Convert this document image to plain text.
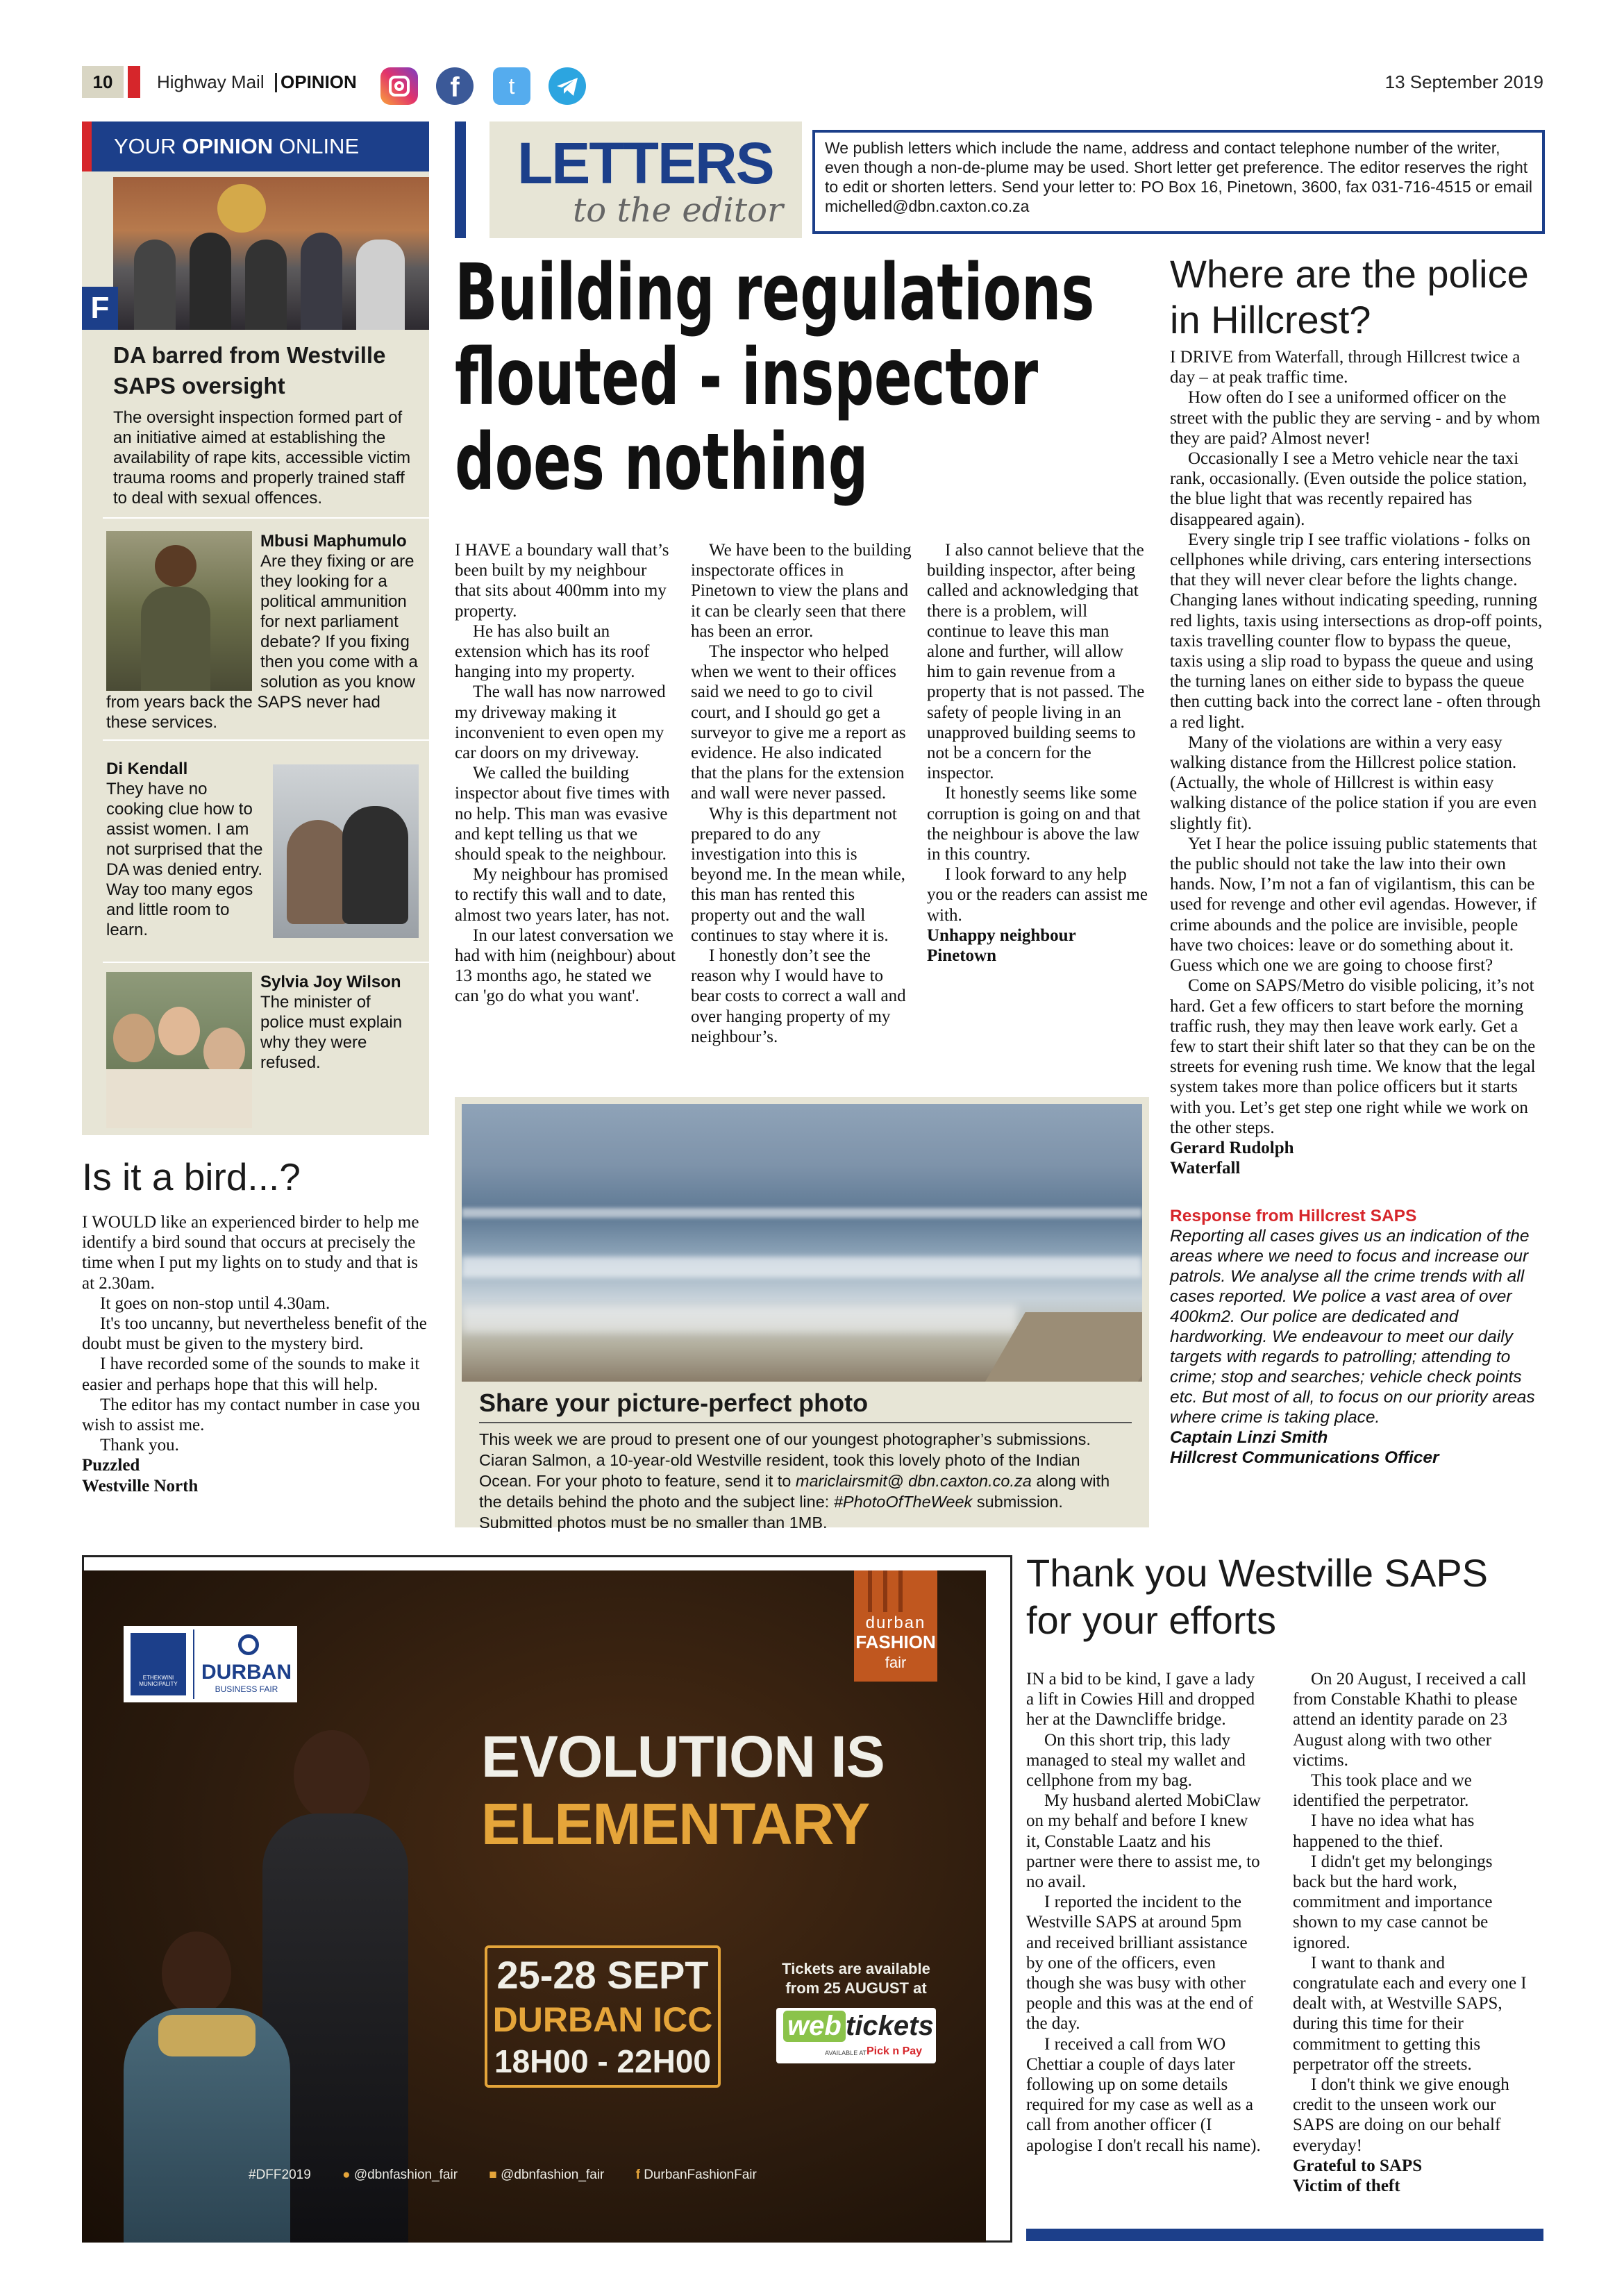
10	Highway Mail OPINION	f	t	13 September 2019
YOUR OPINION ONLINE
F
DA barred from Westville SAPS oversight
The oversight inspection formed part of an initiative aimed at establishing the availability of rape kits, accessible victim trauma rooms and properly trained staff to deal with sexual offences.
Mbusi Maphumulo
Are they fixing or are they looking for a political ammunition for next parliament debate? If you fixing then you come with a solution as you know from years back the SAPS never had these services.
Di Kendall
They have no cooking clue how to assist women. I am not surprised that the DA was denied entry. Way too many egos and little room to learn.
Sylvia Joy Wilson
The minister of police must explain why they were refused.
Is it a bird...?

I WOULD like an experienced birder to help me identify a bird sound that occurs at precisely the time when I put my lights on to study and that is at 2.30am.

It goes on non-stop until 4.30am.

It's too uncanny, but nevertheless benefit of the doubt must be given to the mystery bird.

I have recorded some of the sounds to make it easier and perhaps hope that this will help.

The editor has my contact number in case you wish to assist me.

Thank you.

Puzzled

Westville North

LETTERS
to the editor
We publish letters which include the name, address and contact telephone number of the writer, even though a non-de-plume may be used. Short letter get preference. The editor reserves the right to edit or shorten letters. Send your letter to: PO Box 16, Pinetown, 3600, fax 031-716-4515 or email michelled@dbn.caxton.co.za
Building regulations
flouted - inspector
does nothing

I HAVE a boundary wall that’s been built by my neighbour that sits about 400mm into my property.

He has also built an extension which has its roof hanging into my property.

The wall has now narrowed my driveway making it inconvenient to even open my car doors on my driveway.

We called the building inspector about five times with no help. This man was evasive and kept telling us that we should speak to the neighbour.

My neighbour has promised to rectify this wall and to date, almost two years later, has not.

In our latest conversation we had with him (neighbour) about 13 months ago, he stated we can 'go do what you want'.

We have been to the building inspectorate offices in Pinetown to view the plans and it can be clearly seen that there has been an error.

The inspector who helped when we went to their offices said we need to go to civil court, and I should go get a surveyor to give me a report as evidence. He also indicated that the plans for the extension and wall were never passed.

Why is this department not prepared to do any investigation into this is beyond me. In the mean while, this man has rented this property out and the wall continues to stay where it is.

I honestly don’t see the reason why I would have to bear costs to correct a wall and over hanging property of my neighbour’s.

I also cannot believe that the building inspector, after being called and acknowledging that there is a problem, will continue to leave this man alone and further, will allow him to gain revenue from a property that is not passed. The safety of people living in an unapproved building seems to not be a concern for the inspector.

It honestly seems like some corruption is going on and that the neighbour is above the law in this country.

I look forward to any help you or the readers can assist me with.

Unhappy neighbour

Pinetown

Share your picture-perfect photo
This week we are proud to present one of our youngest photographer’s submissions. Ciaran Salmon, a 10-year-old Westville resident, took this lovely photo of the Indian Ocean. For your photo to feature, send it to mariclairsmit@ dbn.caxton.co.za along with the details behind the photo and the subject line: #PhotoOfTheWeek submission. Submitted photos must be no smaller than 1MB.
Where are the police in Hillcrest?

I DRIVE from Waterfall, through Hillcrest twice a day – at peak traffic time.

How often do I see a uniformed officer on the street with the public they are serving - and by whom they are paid? Almost never!

Occasionally I see a Metro vehicle near the taxi rank, occasionally. (Even outside the police station, the blue light that was recently repaired has disappeared again).

Every single trip I see traffic violations - folks on cellphones while driving, cars entering intersections that they will never clear before the lights change. Changing lanes without indicating speeding, running red lights, taxis using intersections as drop-off points, taxis travelling counter flow to bypass the queue, taxis using a slip road to bypass the queue and using the turning lanes on either side to bypass the queue then cutting back into the correct lane - often through a red light.

Many of the violations are within a very easy walking distance from the Hillcrest police station. (Actually, the whole of Hillcrest is within easy walking distance of the police station if you are even slightly fit).

Yet I hear the police issuing public statements that the public should not take the law into their own hands. Now, I’m not a fan of vigilantism, this can be used for revenge and other evil agendas. However, if crime abounds and the police are invisible, people have two choices: leave or do something about it. Guess which one we are going to choose first?

Come on SAPS/Metro do visible policing, it’s not hard. Get a few officers to start before the morning traffic rush, they may then leave work early. Get a few to start their shift later so that they can be on the streets for evening rush time. We know that the legal system takes more than police officers but it starts with you. Let’s get step one right while we work on the other steps.

Gerard Rudolph

Waterfall

Response from Hillcrest SAPS
Reporting all cases gives us an indication of the areas where we need to focus and increase our patrols. We analyse all the crime trends with all cases reported. We police a vast area of over 400km2. Our police are dedicated and hardworking. We endeavour to meet our daily targets with regards to patrolling; attending to crime; stop and searches; vehicle check points etc. But most of all, to focus on our priority areas where crime is taking place.
Captain Linzi Smith
Hillcrest Communications Officer
ETHEKWINI MUNICIPALITY
DURBAN
BUSINESS FAIR
durban
FASHION
fair
EVOLUTION IS
ELEMENTARY
25-28 SEPT
DURBAN ICC
18H00 - 22H00
Tickets are available from 25 AUGUST at
web tickets
AVAILABLE AT Pick n Pay
#DFF2019 ● @dbnfashion_fair ■ @dbnfashion_fair f DurbanFashionFair
Thank you Westville SAPS
for your efforts

IN a bid to be kind, I gave a lady a lift in Cowies Hill and dropped her at the Dawncliffe bridge.

On this short trip, this lady managed to steal my wallet and cellphone from my bag.

My husband alerted MobiClaw on my behalf and before I knew it, Constable Laatz and his partner were there to assist me, to no avail.

I reported the incident to the Westville SAPS at around 5pm and received brilliant assistance by one of the officers, even though she was busy with other people and this was at the end of the day.

I received a call from WO Chettiar a couple of days later following up on some details required for my case as well as a call from another officer (I apologise I don't recall his name).

On 20 August, I received a call from Constable Khathi to please attend an identity parade on 23 August along with two other victims.

This took place and we identified the perpetrator.

I have no idea what has happened to the thief.

I didn't get my belongings back but the hard work, commitment and importance shown to my case cannot be ignored.

I want to thank and congratulate each and every one I dealt with, at Westville SAPS, during this time for their commitment to getting this perpetrator off the streets.

I don't think we give enough credit to the unseen work our SAPS are doing on our behalf everyday!

Grateful to SAPS

Victim of theft
